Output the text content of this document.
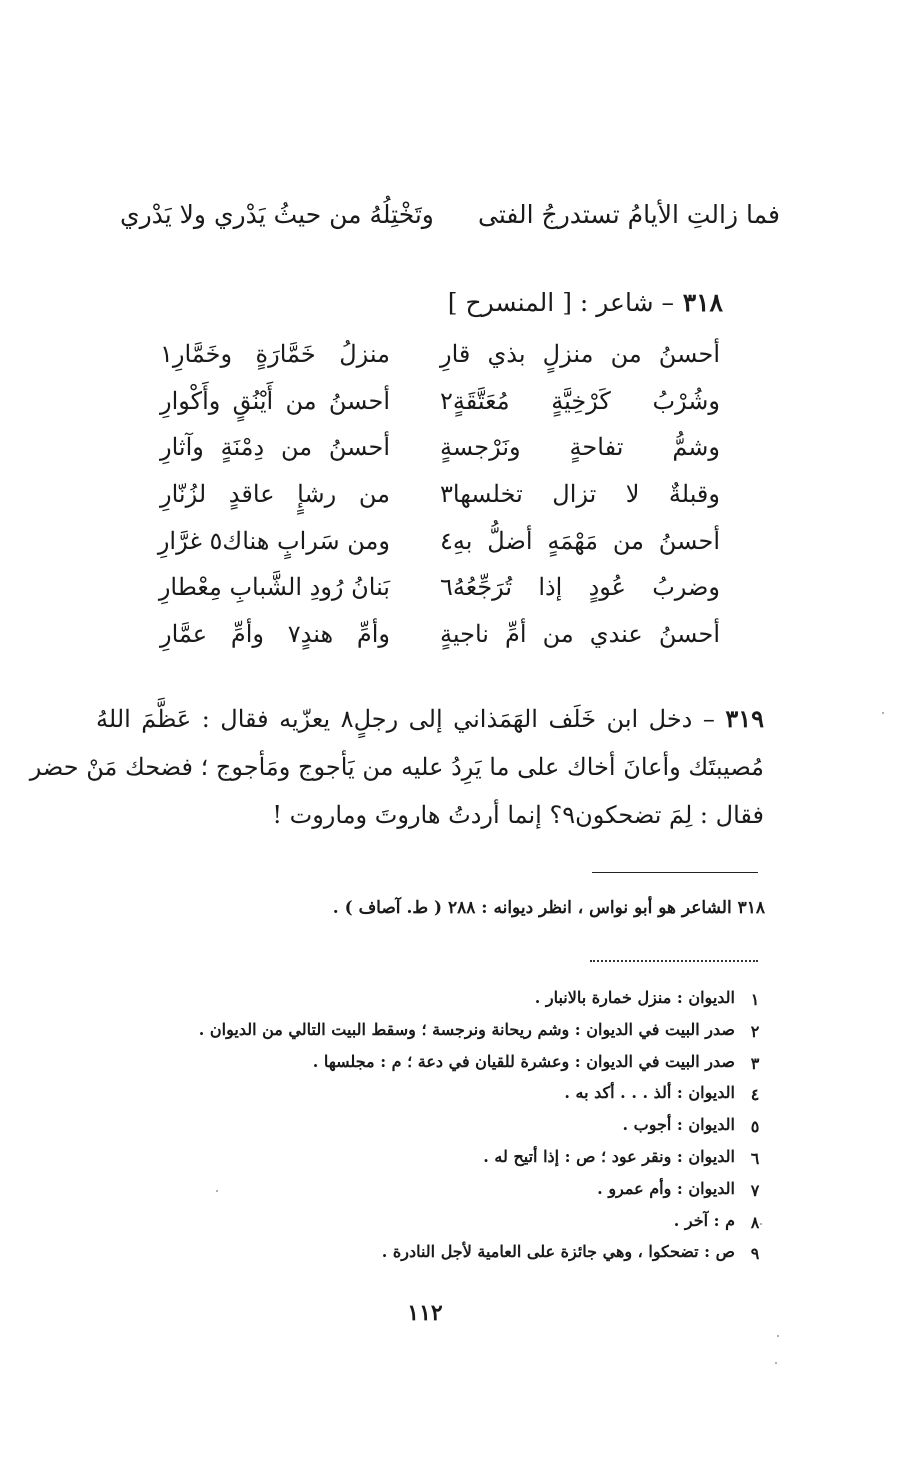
فما زالتِ الأيامُ تستدرجُ الفتى
وتَخْتِلُهُ من حيثُ يَدْري ولا يَدْري
٣١٨ – شاعر : [ المنسرح ]
أحسنُ من منزلٍ بذي قارِ
منزلُ خَمَّارَةٍ وخَمَّارِ١
وشُرْبُ كَرْخِيَّةٍ مُعَتَّقَةٍ٢
أحسنُ من أَيْنُقٍ وأَكْوارِ
وشمُّ تفاحةٍ ونَرْجسةٍ
أحسنُ من دِمْنَةٍ وآثارِ
وقبلةٌ لا تزال تخلسها٣
من رشإٍ عاقدٍ لزُنّارِ
أحسنُ من مَهْمَهٍ أضلُّ بهِ٤
ومن سَرابٍ هناك٥ غرَّارِ
وضربُ عُودٍ إذا تُرَجِّعُهُ٦
بَنانُ رُودِ الشَّبابِ مِعْطارِ
أحسنُ عندي من أمِّ ناجيةٍ
وأمِّ هندٍ٧ وأمِّ عمَّارِ
٣١٩ – دخل ابن خَلَف الهَمَذاني إلى رجلٍ٨ يعزّيه فقال : عَظَّمَ اللهُ
مُصيبتَك وأعانَ أخاك على ما يَرِدُ عليه من يَأجوج ومَأجوج ؛ فضحك مَنْ حضر
فقال : لِمَ تضحكون٩؟ إنما أردتُ هاروتَ وماروت !
٣١٨ الشاعر هو أبو نواس ، انظر ديوانه : ٢٨٨ ( ط. آصاف ) .
١
الديوان : منزل خمارة بالانبار .
٢
صدر البيت في الديوان : وشم ريحانة ونرجسة ؛ وسقط البيت التالي من الديوان .
٣
صدر البيت في الديوان : وعشرة للقيان في دعة ؛ م : مجلسها .
٤
الديوان : ألذ . . . أكد به .
٥
الديوان : أجوب .
٦
الديوان : ونقر عود ؛ ص : إذا أتيح له .
٧
الديوان : وأم عمرو .
٨
م : آخر .
٩
ص : تضحكوا ، وهي جائزة على العامية لأجل النادرة .
١١٢
